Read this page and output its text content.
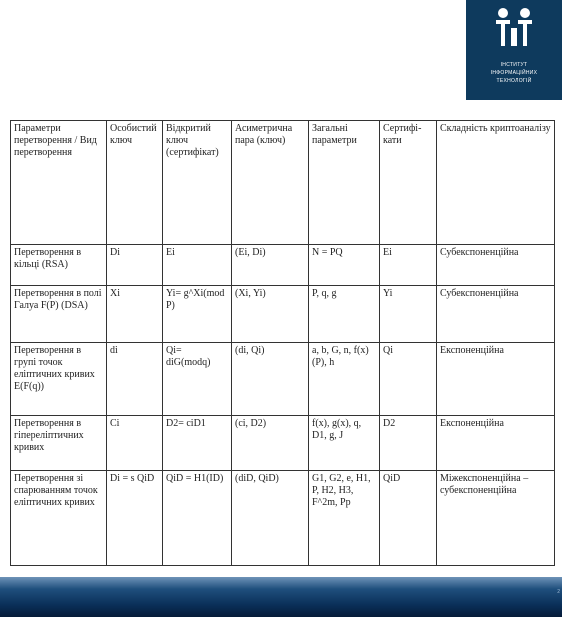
ІНСТИТУТ
ІНФОРМАЦІЙНИХ
ТЕХНОЛОГІЙ
Параметри перетворення / Вид перетворення	Особистий ключ	Відкритий ключ (сертифікат)	Асиметрична пара (ключ)	Загальні параметри	Сертифі-кати	Складність криптоаналізу
Перетворення в кільці (RSA)	Di	Ei	(Ei, Di)	N = PQ	Ei	Субекспоненційна
Перетворення в полі Галуа F(P) (DSA)	Xi	Yi= g^Xi(mod P)	(Xi, Yi)	P, q, g	Yi	Субекспоненційна
Перетворення в групі точок еліптичних кривих E(F(q))	di	Qi= diG(modq)	(di, Qi)	a, b, G, n, f(x)(P), h	Qi	Експоненційна
Перетворення в гіпереліптичних кривих	Ci	D2= ciD1	(ci, D2)	f(x), g(x), q, D1, g, J	D2	Експоненційна
Перетворення зі спарюванням точок еліптичних кривих	Di = s QiD	QiD = H1(ID)	(diD, QiD)	G1, G2, e, H1, P, H2, H3, F^2m, Pp	QiD	Міжекспоненційна – субекспоненційна
2
